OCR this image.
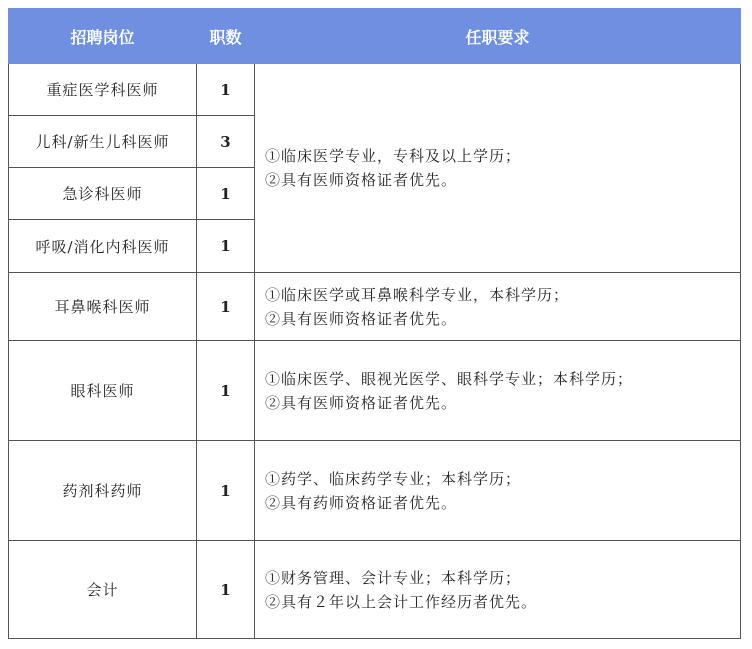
招聘岗位	职数	任职要求
重症医学科医师	1	①临床医学专业，专科及以上学历；
②具有医师资格证者优先。

儿科/新生儿科医师	3	
急诊科医师	1	
呼吸/消化内科医师	1	
耳鼻喉科医师	1	①临床医学或耳鼻喉科学专业，本科学历；
②具有医师资格证者优先。

眼科医师	1	①临床医学、眼视光医学、眼科学专业；本科学历；
②具有医师资格证者优先。

药剂科药师	1	①药学、临床药学专业；本科学历；
②具有药师资格证者优先。

会计	1	①财务管理、会计专业；本科学历；
②具有２年以上会计工作经历者优先。
